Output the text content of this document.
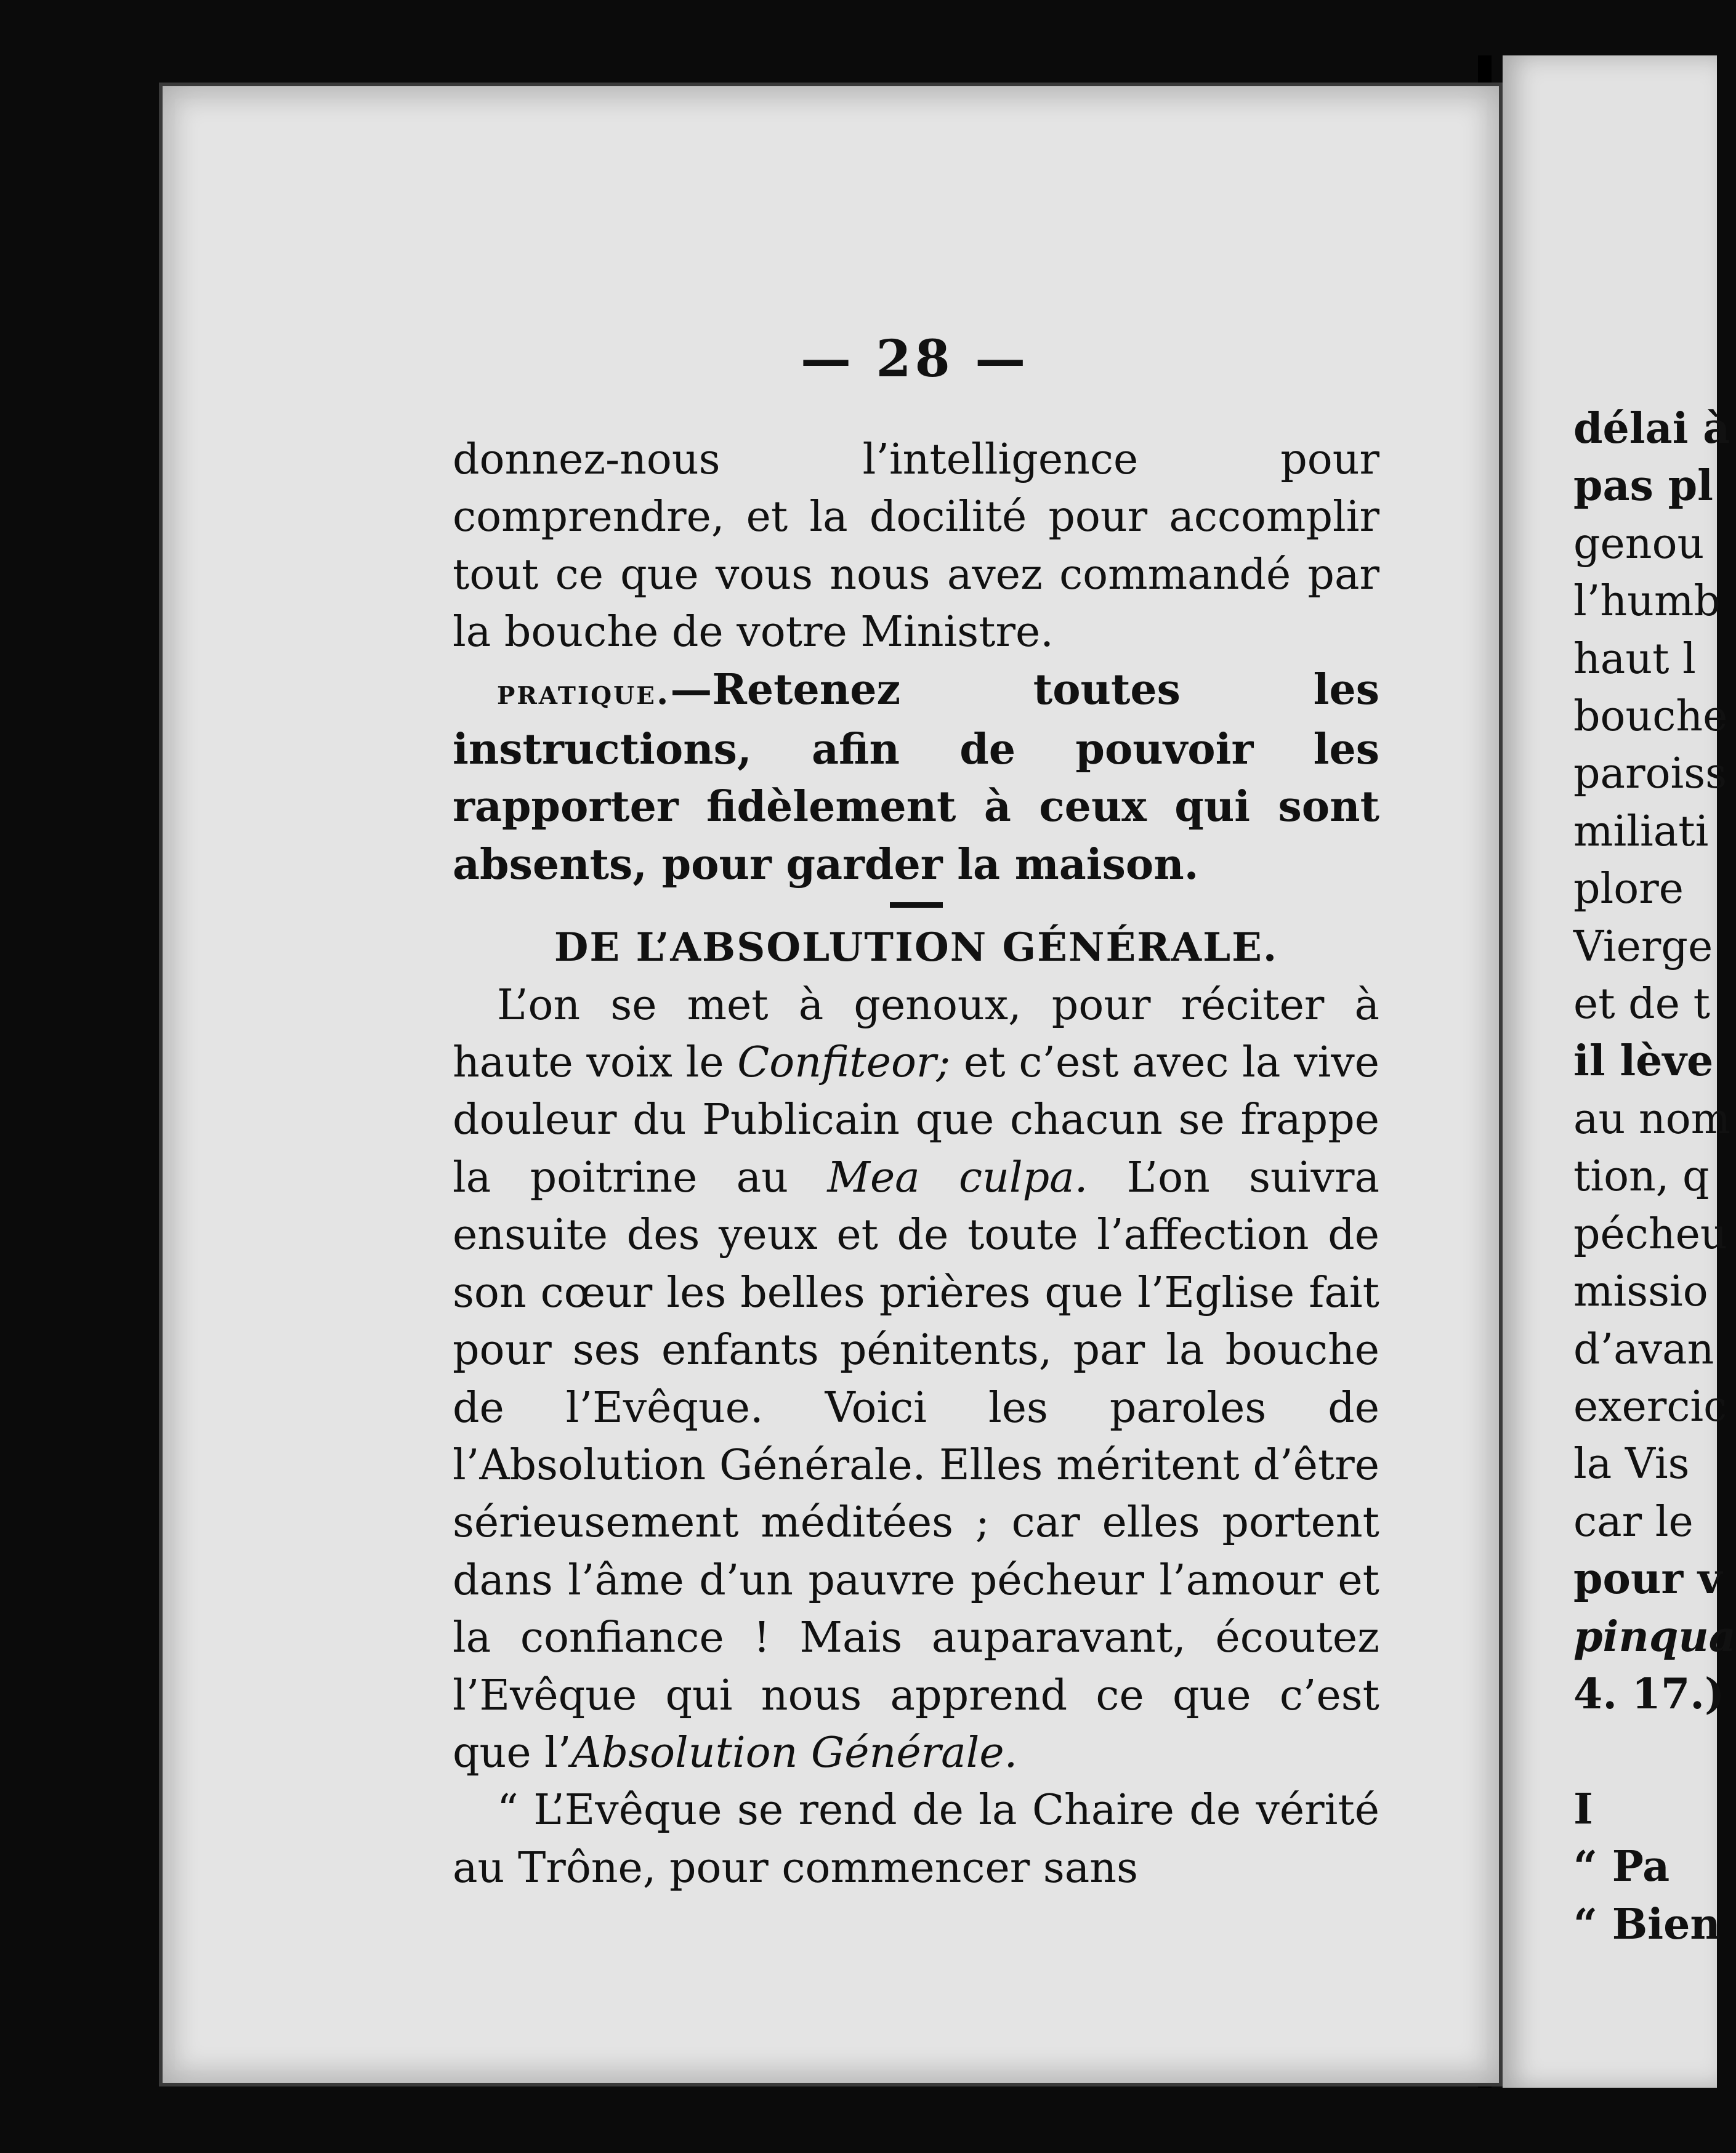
— 28 —

donnez-nous l’intelligence pour comprendre, et la docilité pour accomplir tout ce que vous nous avez commandé par la bouche de votre Ministre.

pratique.—Retenez toutes les instructions, afin de pouvoir les rapporter fidèlement à ceux qui sont absents, pour garder la maison.

DE L’ABSOLUTION GÉNÉRALE.

L’on se met à genoux, pour réciter à haute voix le Confiteor; et c’est avec la vive douleur du Publicain que chacun se frappe la poitrine au Mea culpa. L’on suivra ensuite des yeux et de toute l’affection de son cœur les belles prières que l’Eglise fait pour ses enfants pénitents, par la bouche de l’Evêque. Voici les paroles de l’Absolution Générale. Elles méritent d’être sérieusement méditées ; car elles portent dans l’âme d’un pauvre pécheur l’amour et la confiance ! Mais auparavant, écoutez l’Evêque qui nous apprend ce que c’est que l’Absolution Générale.

“ L’Evêque se rend de la Chaire de vérité au Trône, pour commencer sans

délai à
pas pl
genou
l’humb
haut l
bouche
paroiss
miliati
plore
Vierge
et de t
il lève
au nom
tion, q
pécheu
missio
d’avan
exercic
la Vis
car le
pour v
pinqua
4. 17.)

I
“ Pa
“ Bien
